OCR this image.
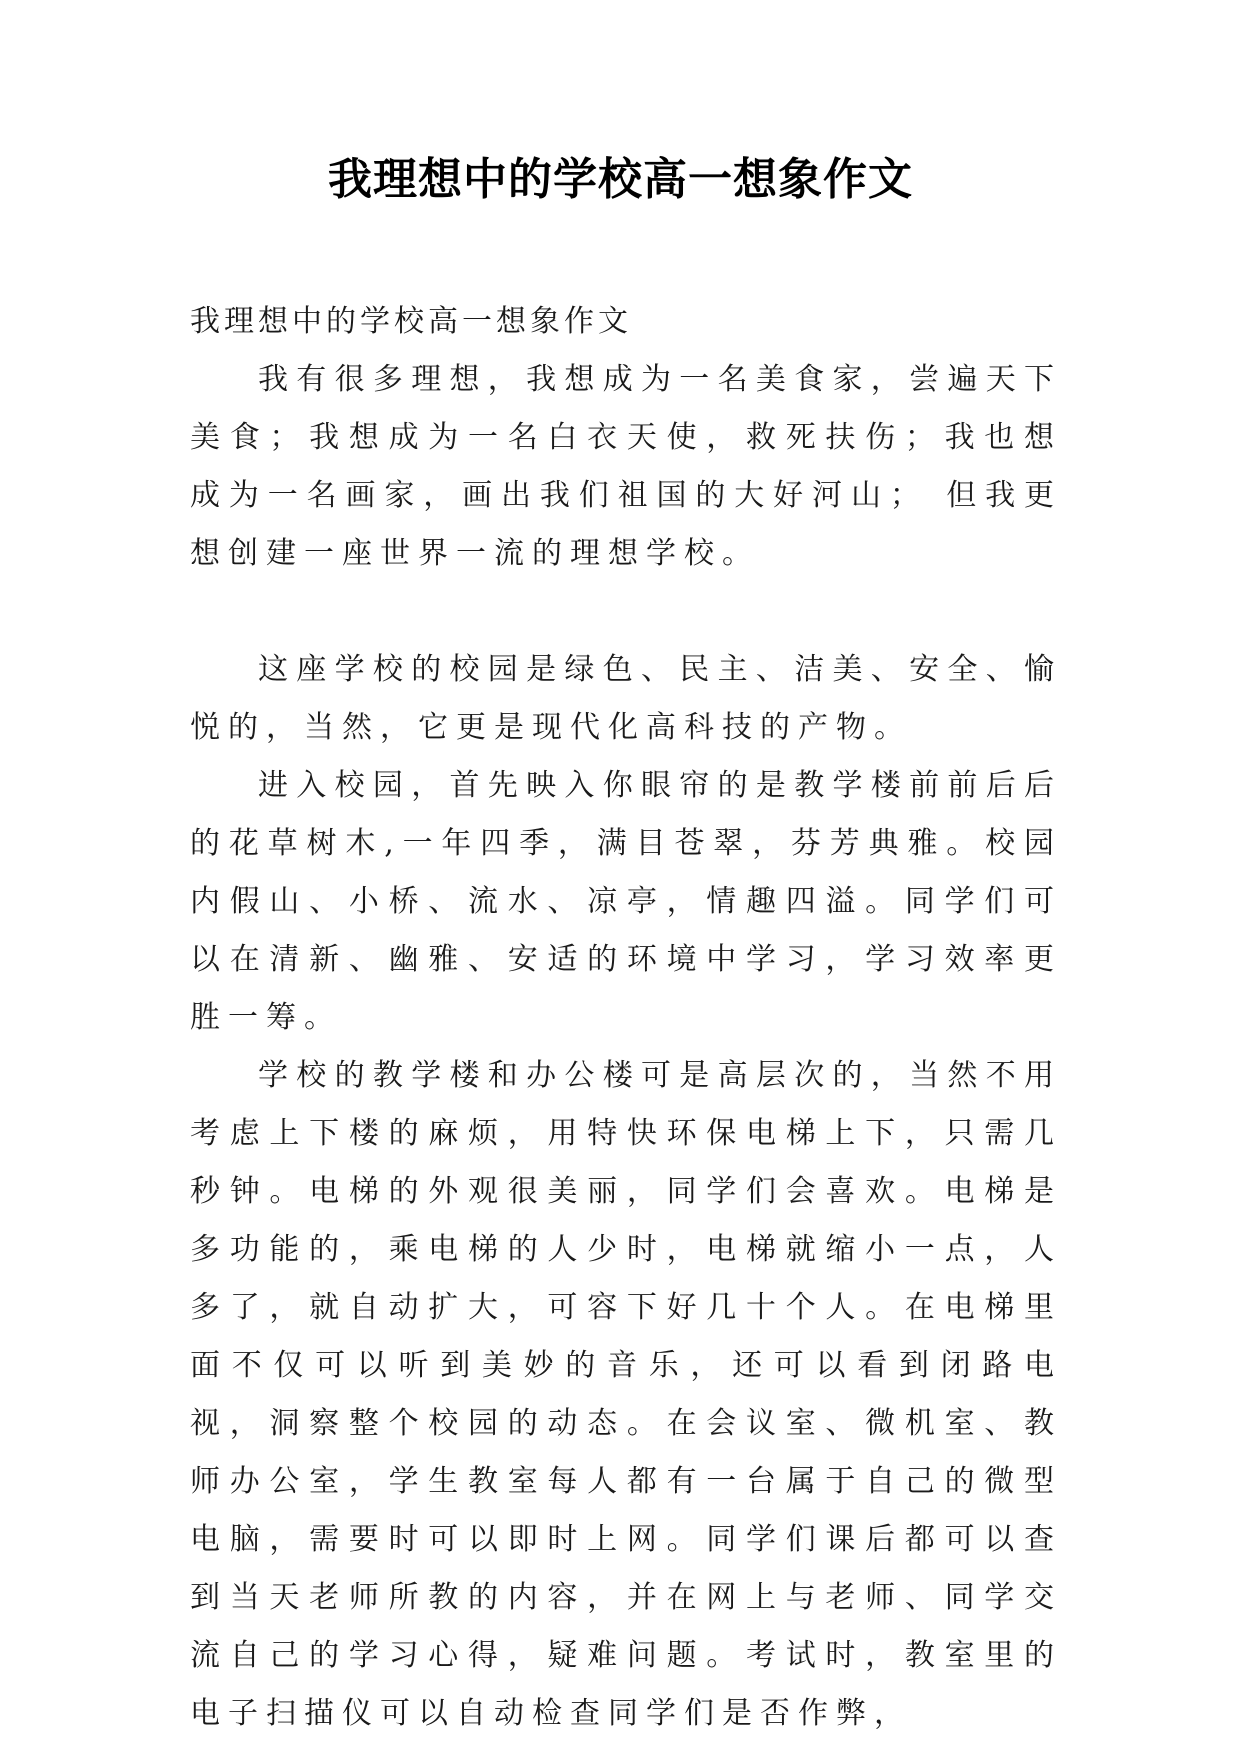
我理想中的学校高一想象作文

我理想中的学校高一想象作文

我有很多理想，我想成为一名美食家，尝遍天下美食；我想成为一名白衣天使，救死扶伤；我也想成为一名画家，画出我们祖国的大好河山； 但我更想创建一座世界一流的理想学校。

这座学校的校园是绿色、民主、洁美、安全、愉悦的，当然，它更是现代化高科技的产物。

进入校园，首先映入你眼帘的是教学楼前前后后的花草树木,一年四季，满目苍翠，芬芳典雅。校园内假山、小桥、流水、凉亭，情趣四溢。同学们可以在清新、幽雅、安适的环境中学习，学习效率更胜一筹。

学校的教学楼和办公楼可是高层次的，当然不用考虑上下楼的麻烦，用特快环保电梯上下，只需几秒钟。电梯的外观很美丽，同学们会喜欢。电梯是多功能的，乘电梯的人少时，电梯就缩小一点，人多了，就自动扩大，可容下好几十个人。在电梯里面不仅可以听到美妙的音乐，还可以看到闭路电视，洞察整个校园的动态。在会议室、微机室、教师办公室，学生教室每人都有一台属于自己的微型电脑，需要时可以即时上网。同学们课后都可以查到当天老师所教的内容，并在网上与老师、同学交流自己的学习心得，疑难问题。考试时，教室里的电子扫描仪可以自动检查同学们是否作弊，
